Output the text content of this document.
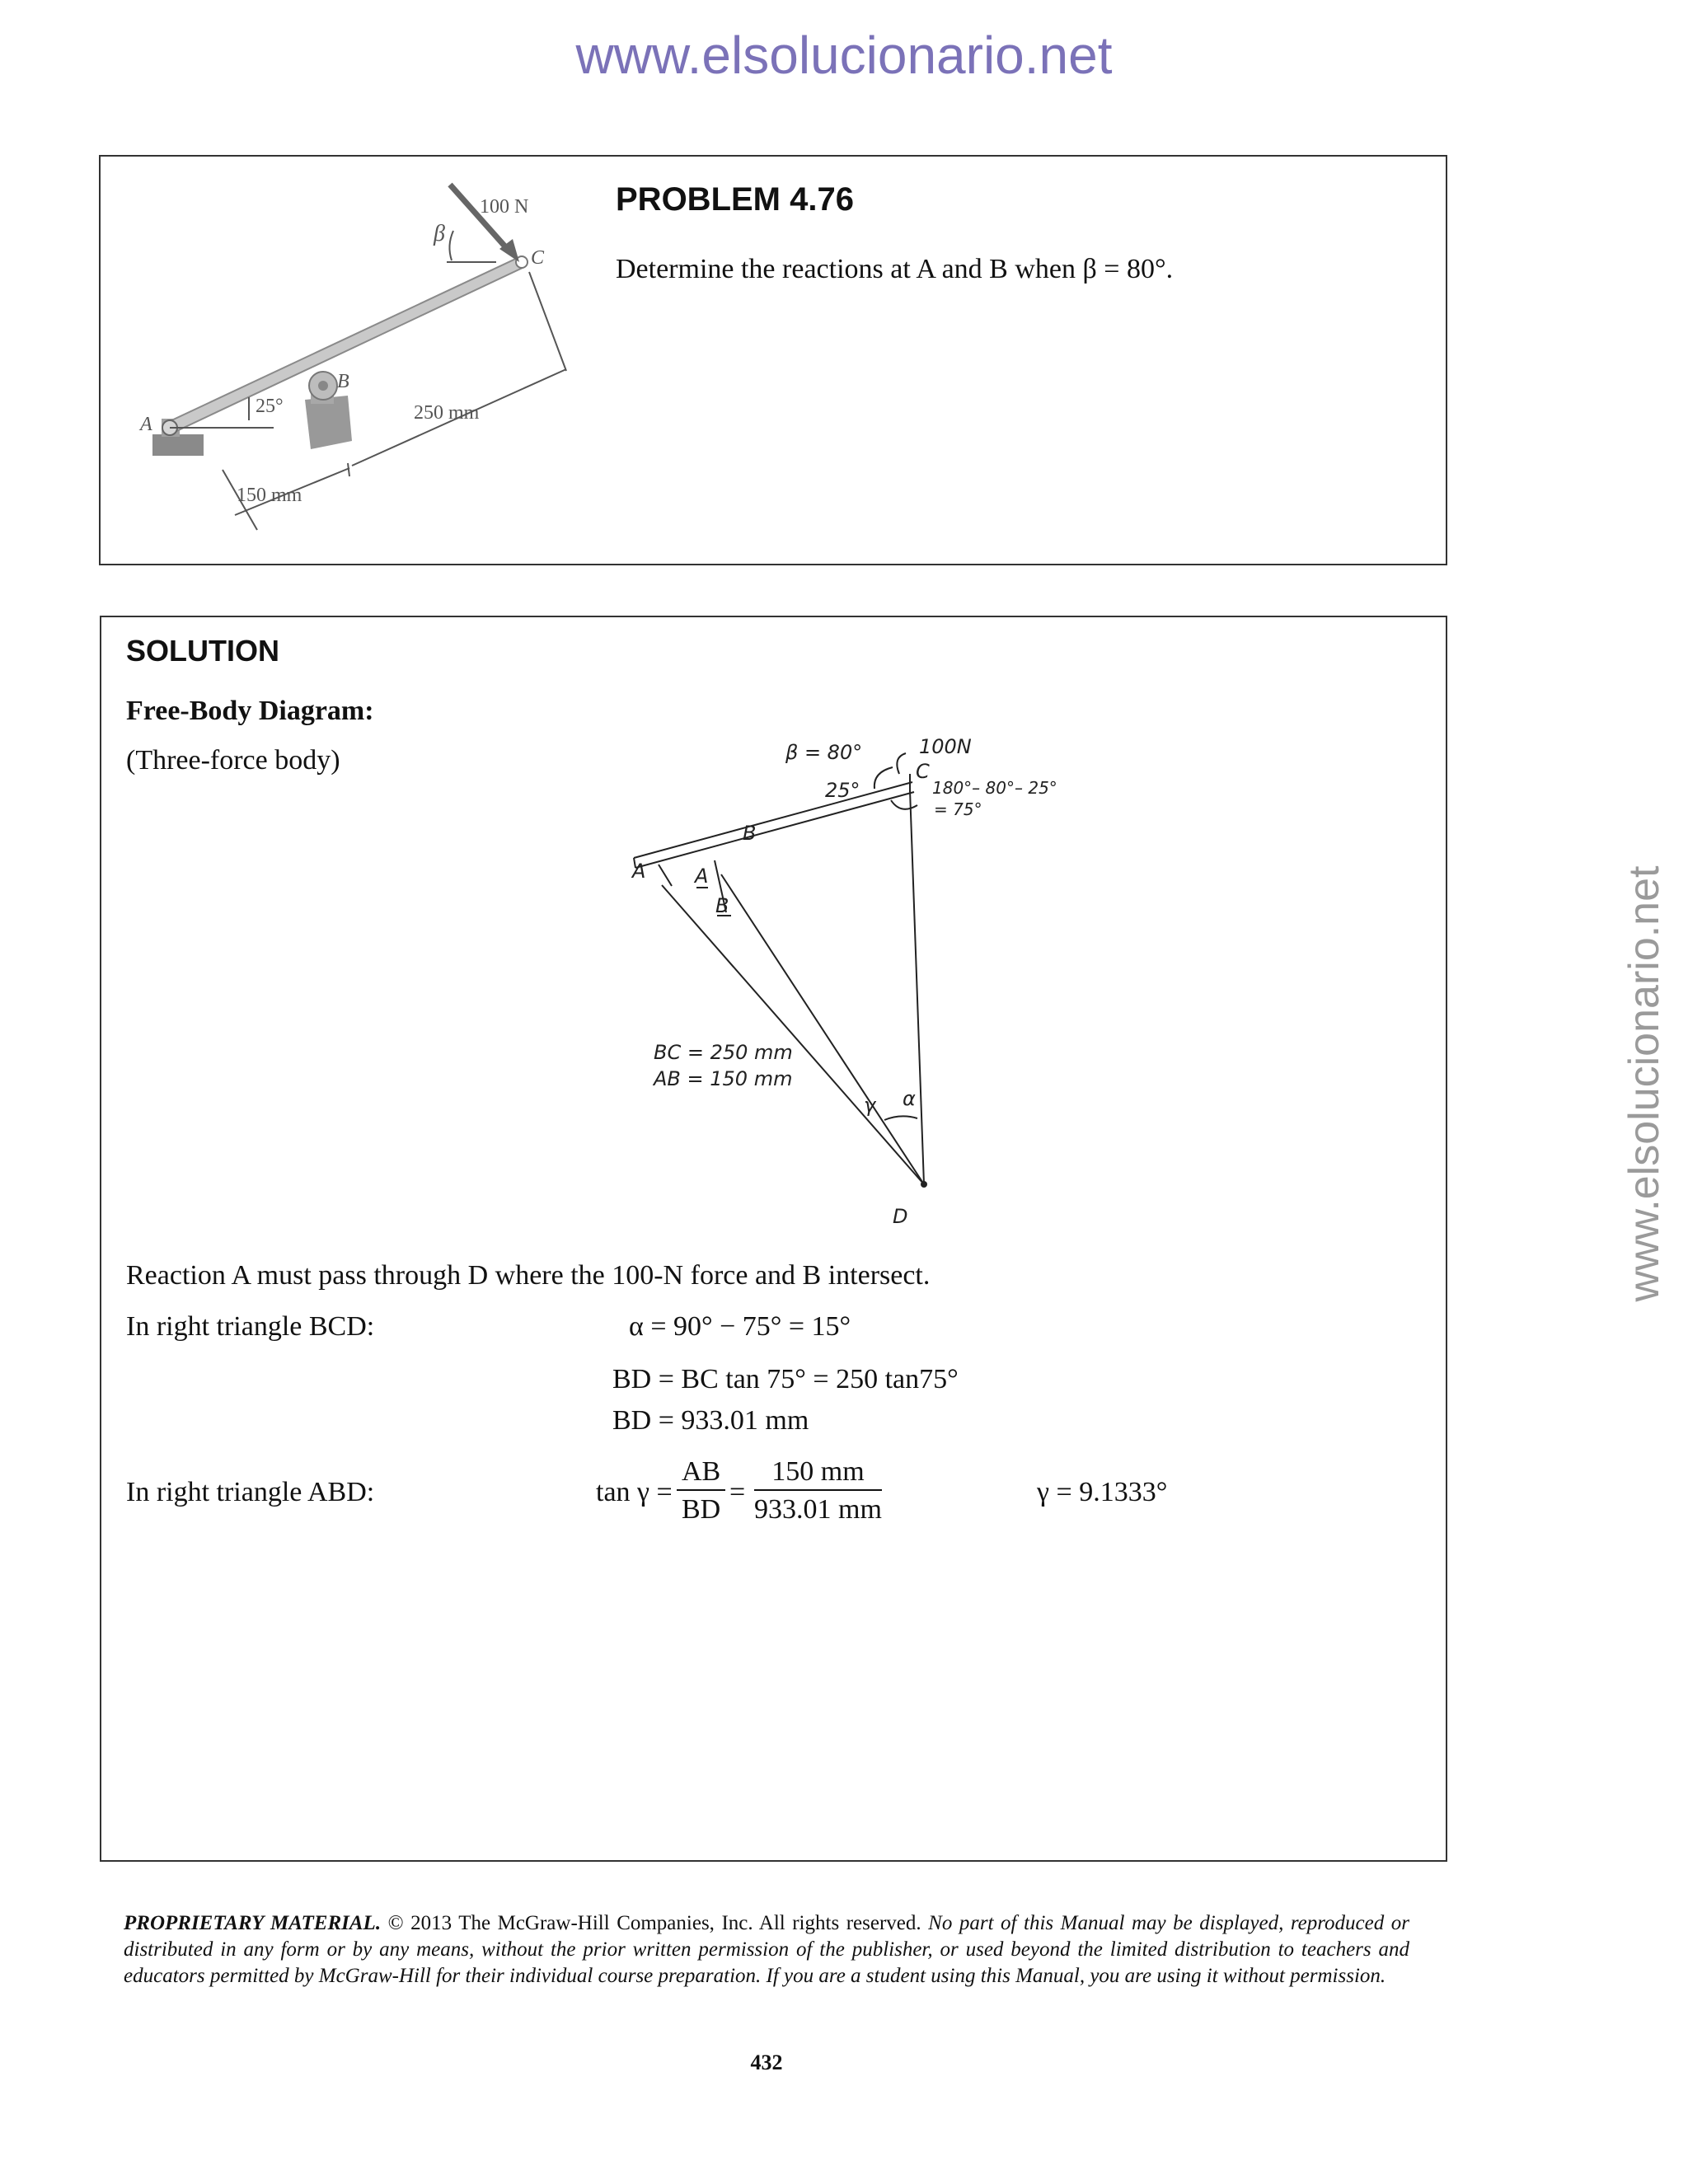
www.elsolucionario.net
www.elsolucionario.net
100 N
β
C
B
A
25°	250 mm
150 mm
PROBLEM 4.76
Determine the reactions at A and B when β = 80°.
SOLUTION
Free-Body Diagram:
(Three-force body)	β = 80°	100N
C
25°	180°– 80°– 25°
= 75°
B
B
A A
BC = 250 mm
AB = 150 mm
γ α
D
Reaction A must pass through D where the 100-N force and B intersect.
In right triangle BCD:	α = 90° − 75° = 15°
BD = BC tan 75° = 250 tan75°
BD = 933.01 mm
In right triangle ABD:	$\tan \gamma = \frac{AB}{BD} = \frac{150 mm}{933.01 mm}$	γ = 9.1333°
PROPRIETARY MATERIAL. © 2013 The McGraw-Hill Companies, Inc. All rights reserved. No part of this Manual may be displayed, reproduced or distributed in any form or by any means, without the prior written permission of the publisher, or used beyond the limited distribution to teachers and educators permitted by McGraw-Hill for their individual course preparation. If you are a student using this Manual, you are using it without permission.
432
